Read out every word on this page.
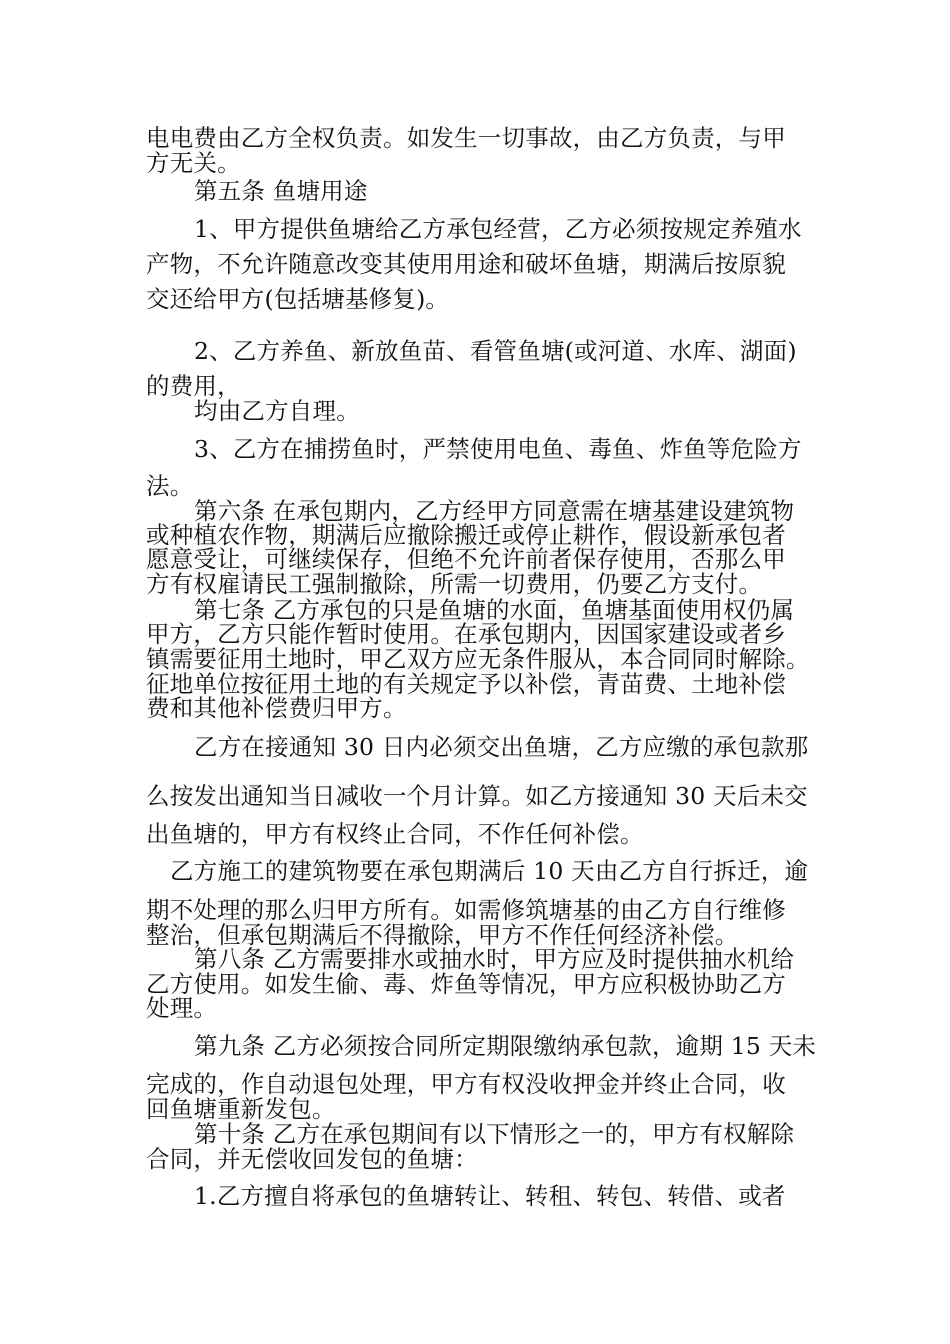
电电费由乙方全权负责。如发生一切事故，由乙方负责，与甲

方无关。

第五条 鱼塘用途

1、甲方提供鱼塘给乙方承包经营，乙方必须按规定养殖水

产物，不允许随意改变其使用用途和破坏鱼塘，期满后按原貌

交还给甲方(包括塘基修复)。

2、乙方养鱼、新放鱼苗、看管鱼塘(或河道、水库、湖面)

的费用，

均由乙方自理。

3、乙方在捕捞鱼时，严禁使用电鱼、毒鱼、炸鱼等危险方

法。

第六条 在承包期内，乙方经甲方同意需在塘基建设建筑物

或种植农作物，期满后应撤除搬迁或停止耕作，假设新承包者

愿意受让，可继续保存，但绝不允许前者保存使用，否那么甲

方有权雇请民工强制撤除，所需一切费用，仍要乙方支付。

第七条 乙方承包的只是鱼塘的水面，鱼塘基面使用权仍属

甲方，乙方只能作暂时使用。在承包期内，因国家建设或者乡

镇需要征用土地时，甲乙双方应无条件服从，本合同同时解除。

征地单位按征用土地的有关规定予以补偿，青苗费、土地补偿

费和其他补偿费归甲方。

乙方在接通知 30 日内必须交出鱼塘，乙方应缴的承包款那

么按发出通知当日减收一个月计算。如乙方接通知 30 天后未交

出鱼塘的，甲方有权终止合同，不作任何补偿。

乙方施工的建筑物要在承包期满后 10 天由乙方自行拆迁，逾

期不处理的那么归甲方所有。如需修筑塘基的由乙方自行维修

整治，但承包期满后不得撤除，甲方不作任何经济补偿。

第八条 乙方需要排水或抽水时，甲方应及时提供抽水机给

乙方使用。如发生偷、毒、炸鱼等情况，甲方应积极协助乙方

处理。

第九条 乙方必须按合同所定期限缴纳承包款，逾期 15 天未

完成的，作自动退包处理，甲方有权没收押金并终止合同，收

回鱼塘重新发包。

第十条 乙方在承包期间有以下情形之一的，甲方有权解除

合同，并无偿收回发包的鱼塘：

1.乙方擅自将承包的鱼塘转让、转租、转包、转借、或者
